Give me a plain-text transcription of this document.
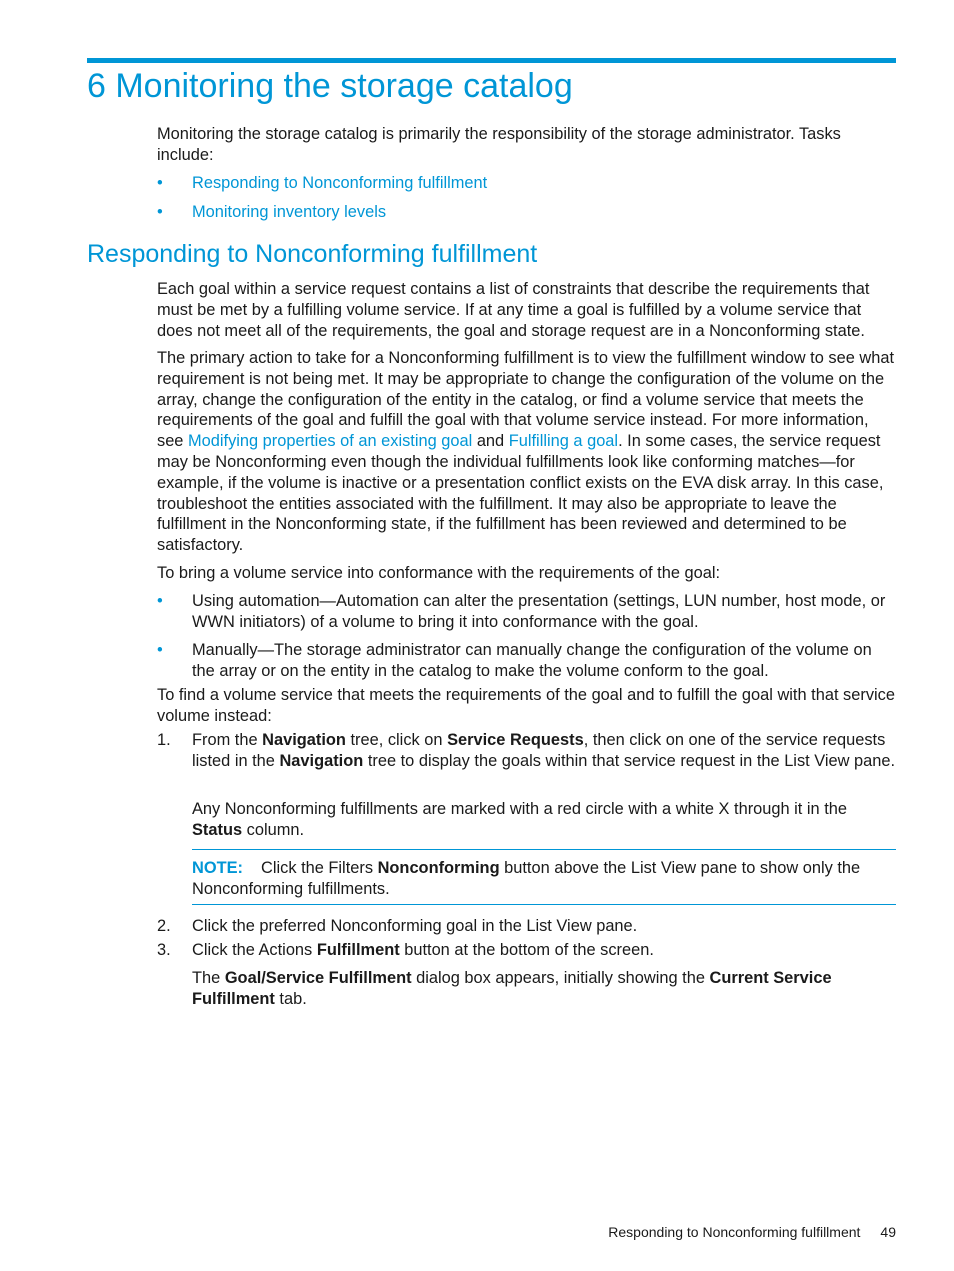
6 Monitoring the storage catalog

Monitoring the storage catalog is primarily the responsibility of the storage administrator. Tasks include:

• Responding to Nonconforming fulfillment
• Monitoring inventory levels
Responding to Nonconforming fulfillment

Each goal within a service request contains a list of constraints that describe the requirements that must be met by a fulfilling volume service. If at any time a goal is fulfilled by a volume service that does not meet all of the requirements, the goal and storage request are in a Nonconforming state.

The primary action to take for a Nonconforming fulfillment is to view the fulfillment window to see what requirement is not being met. It may be appropriate to change the configuration of the volume on the array, change the configuration of the entity in the catalog, or find a volume service that meets the requirements of the goal and fulfill the goal with that volume service instead. For more information, see Modifying properties of an existing goal and Fulfilling a goal. In some cases, the service request may be Nonconforming even though the individual fulfillments look like conforming matches—for example, if the volume is inactive or a presentation conflict exists on the EVA disk array. In this case, troubleshoot the entities associated with the fulfillment. It may also be appropriate to leave the fulfillment in the Nonconforming state, if the fulfillment has been reviewed and determined to be satisfactory.

To bring a volume service into conformance with the requirements of the goal:

• Using automation—Automation can alter the presentation (settings, LUN number, host mode, or WWN initiators) of a volume to bring it into conformance with the goal.
• Manually—The storage administrator can manually change the configuration of the volume on the array or on the entity in the catalog to make the volume conform to the goal.

To find a volume service that meets the requirements of the goal and to fulfill the goal with that service volume instead:

1. From the Navigation tree, click on Service Requests, then click on one of the service requests listed in the Navigation tree to display the goals within that service request in the List View pane.

Any Nonconforming fulfillments are marked with a red circle with a white X through it in the Status column.

NOTE: Click the Filters Nonconforming button above the List View pane to show only the Nonconforming fulfillments.

2. Click the preferred Nonconforming goal in the List View pane.
3. Click the Actions Fulfillment button at the bottom of the screen.

The Goal/Service Fulfillment dialog box appears, initially showing the Current Service Fulfillment tab.

Responding to Nonconforming fulfillment 49
